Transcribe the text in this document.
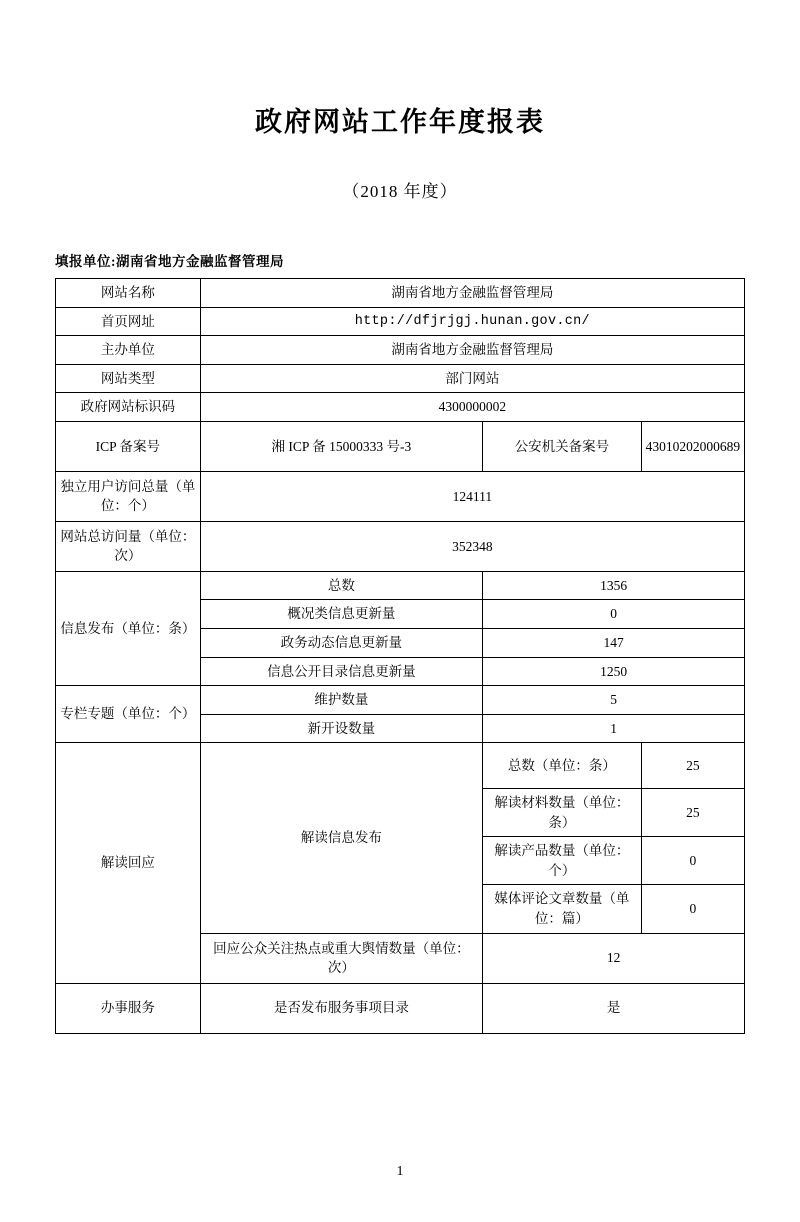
政府网站工作年度报表
（2018 年度）
填报单位:湖南省地方金融监督管理局
网站名称	湖南省地方金融监督管理局		
首页网址	http://dfjrjgj.hunan.gov.cn/		
主办单位	湖南省地方金融监督管理局		
网站类型	部门网站		
政府网站标识码	4300000002		
ICP 备案号	湘 ICP 备 15000333 号-3	公安机关备案号	43010202000689
独立用户访问总量（单位：个）	124111		
网站总访问量（单位：次）	352348		
信息发布（单位：条）	总数	1356	
	概况类信息更新量	0	
	政务动态信息更新量	147	
	信息公开目录信息更新量	1250	
专栏专题（单位：个）	维护数量	5	
	新开设数量	1	
解读回应	解读信息发布	总数（单位：条）	25
		解读材料数量（单位：条）	25
		解读产品数量（单位：个）	0
		媒体评论文章数量（单位：篇）	0
	回应公众关注热点或重大舆情数量（单位：次）	12	
办事服务	是否发布服务事项目录	是	
1
